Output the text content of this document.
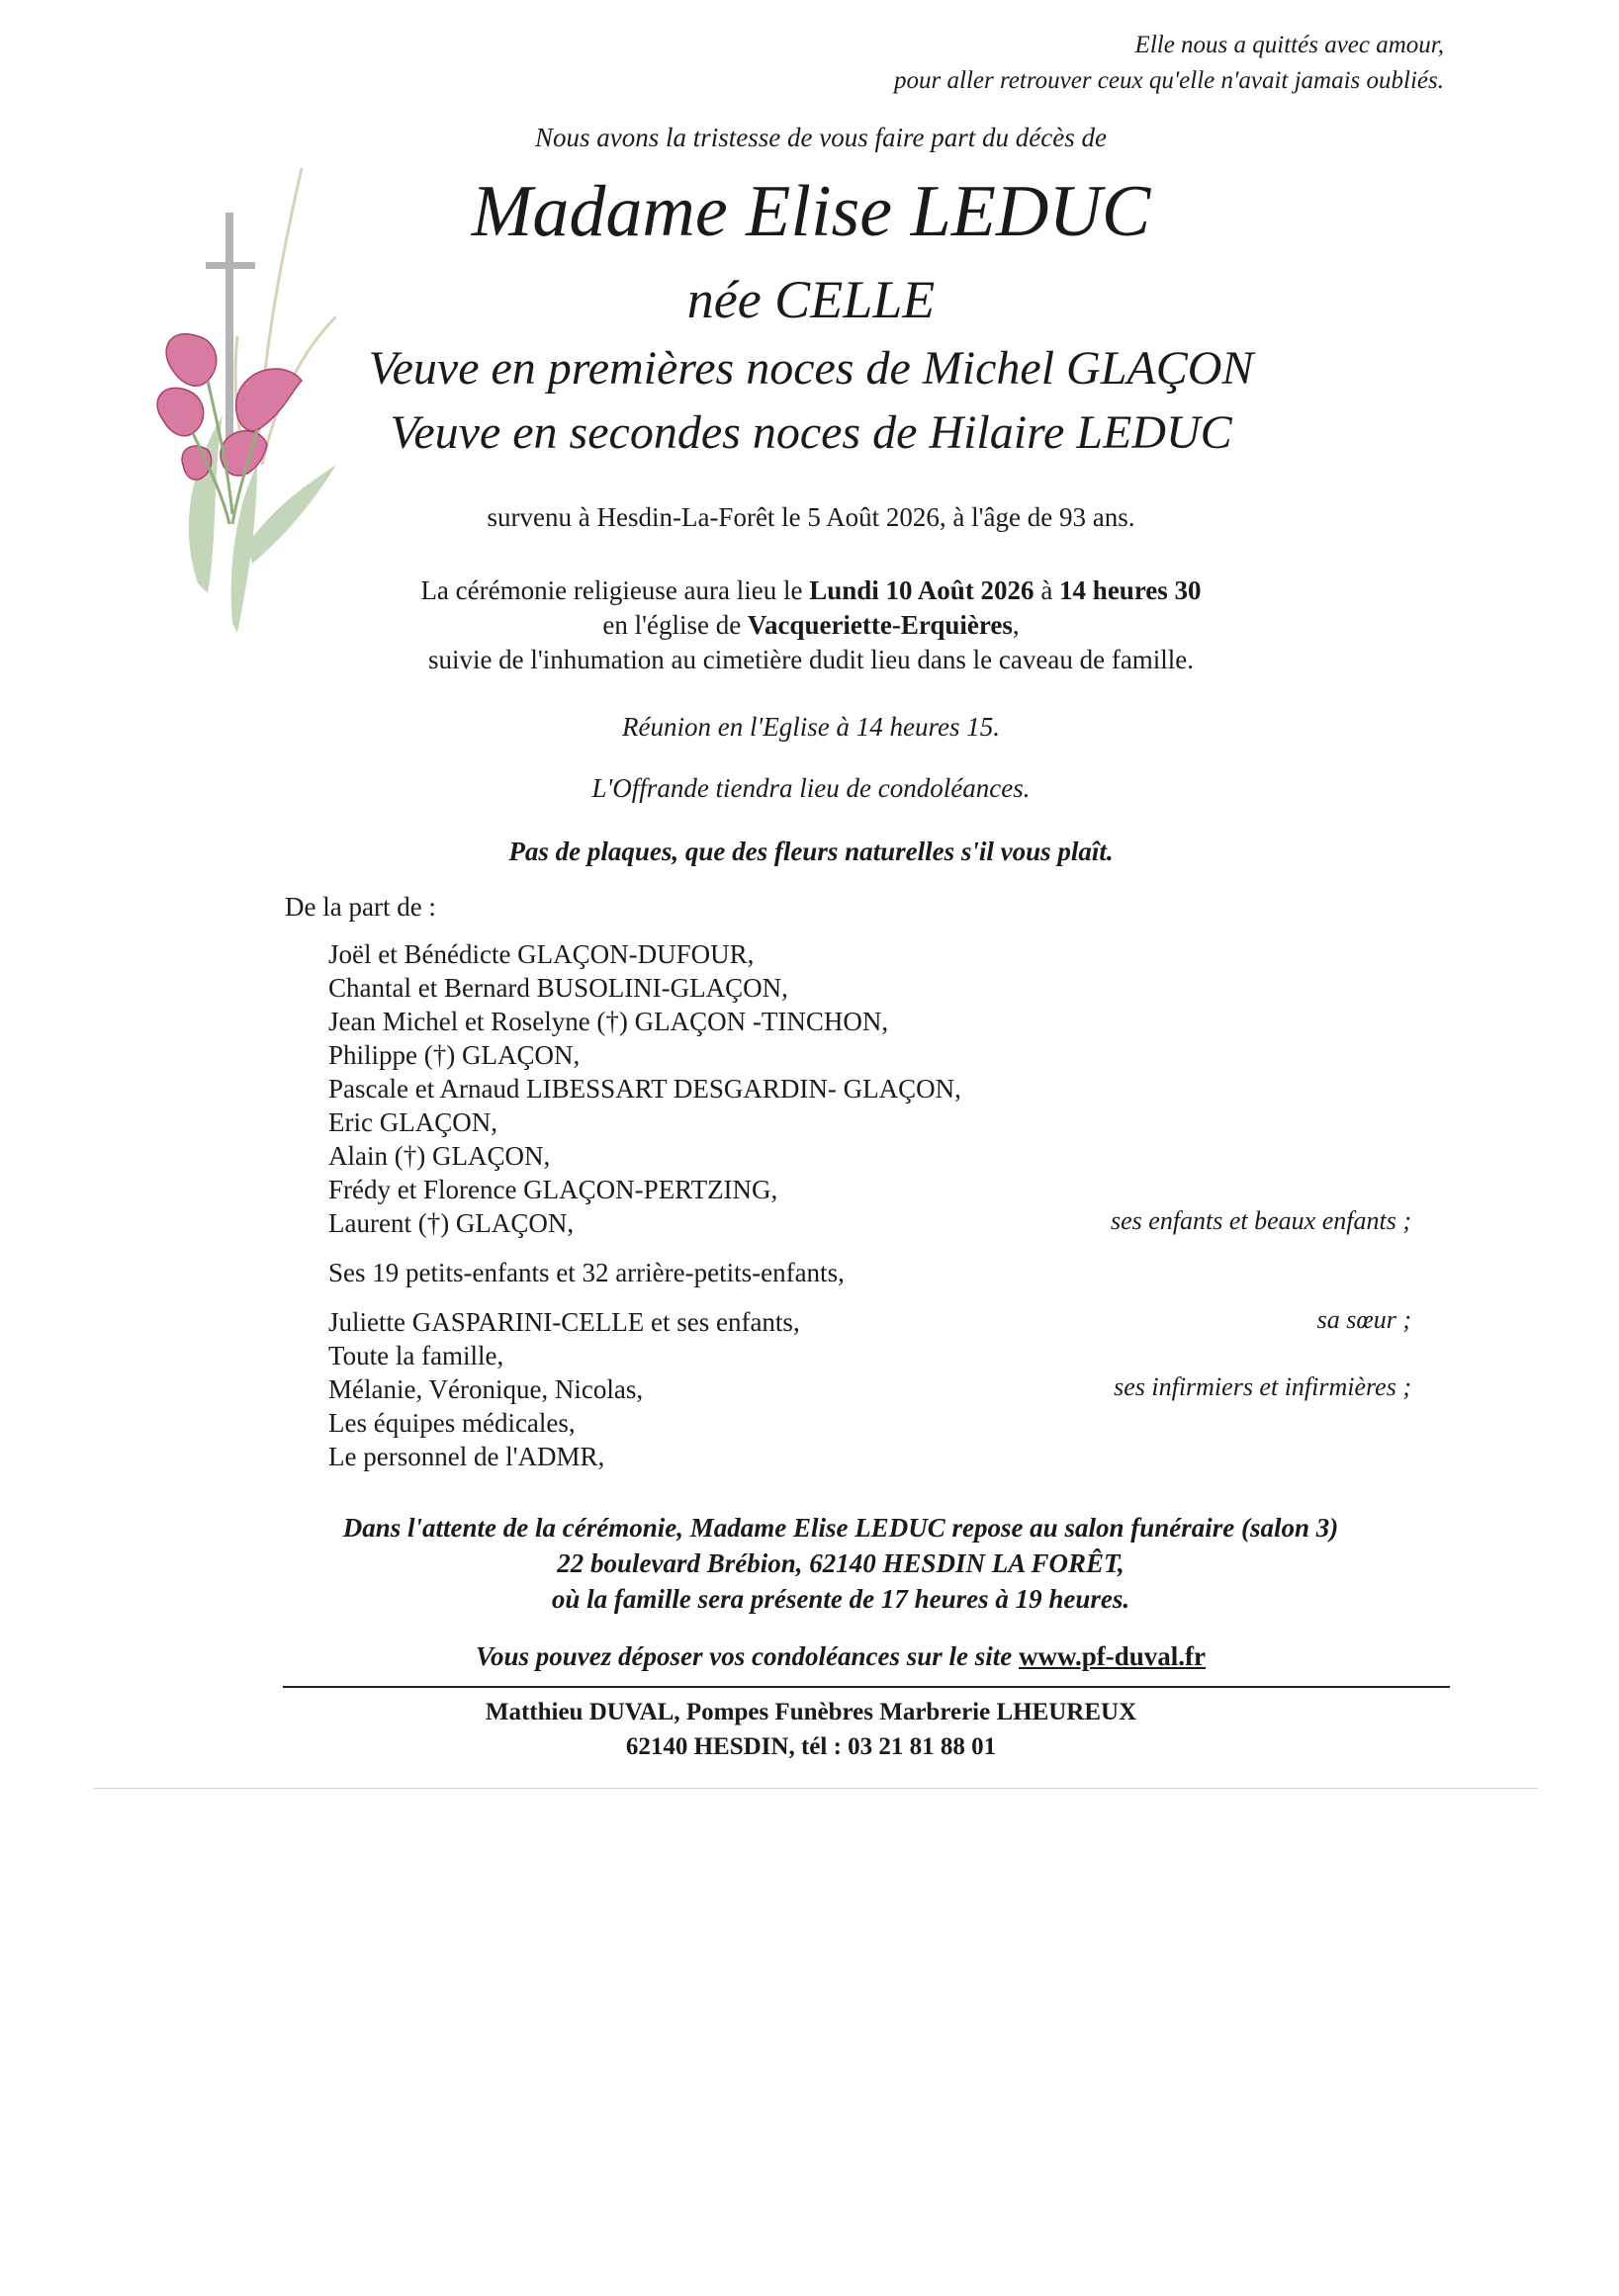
Elle nous a quittés avec amour,
pour aller retrouver ceux qu'elle n'avait jamais oubliés.
Nous avons la tristesse de vous faire part du décès de
Madame Elise LEDUC
née CELLE
Veuve en premières noces de Michel GLAÇON
Veuve en secondes noces de Hilaire LEDUC
survenu à Hesdin-La-Forêt le 5 Août 2026, à l'âge de 93 ans.
La cérémonie religieuse aura lieu le Lundi 10 Août 2026 à 14 heures 30
en l'église de Vacqueriette-Erquières,
suivie de l'inhumation au cimetière dudit lieu dans le caveau de famille.
Réunion en l'Eglise à 14 heures 15.
L'Offrande tiendra lieu de condoléances.
Pas de plaques, que des fleurs naturelles s'il vous plaît.
De la part de :
Joël et Bénédicte GLAÇON-DUFOUR,
Chantal et Bernard BUSOLINI-GLAÇON,
Jean Michel et Roselyne (†) GLAÇON -TINCHON,
Philippe (†) GLAÇON,
Pascale et Arnaud LIBESSART DESGARDIN- GLAÇON,
Eric GLAÇON,
Alain (†) GLAÇON,
Frédy et Florence GLAÇON-PERTZING,
Laurent (†) GLAÇON,	ses enfants et beaux enfants ;
Ses 19 petits-enfants et 32 arrière-petits-enfants,
Juliette GASPARINI-CELLE et ses enfants,	sa sœur ;
Toute la famille,
Mélanie, Véronique, Nicolas,	ses infirmiers et infirmières ;
Les équipes médicales,
Le personnel de l'ADMR,
Dans l'attente de la cérémonie, Madame Elise LEDUC repose au salon funéraire (salon 3)
22 boulevard Brébion, 62140 HESDIN LA FORÊT,
où la famille sera présente de 17 heures à 19 heures.
Vous pouvez déposer vos condoléances sur le site www.pf-duval.fr
Matthieu DUVAL, Pompes Funèbres Marbrerie LHEUREUX
62140 HESDIN, tél : 03 21 81 88 01
